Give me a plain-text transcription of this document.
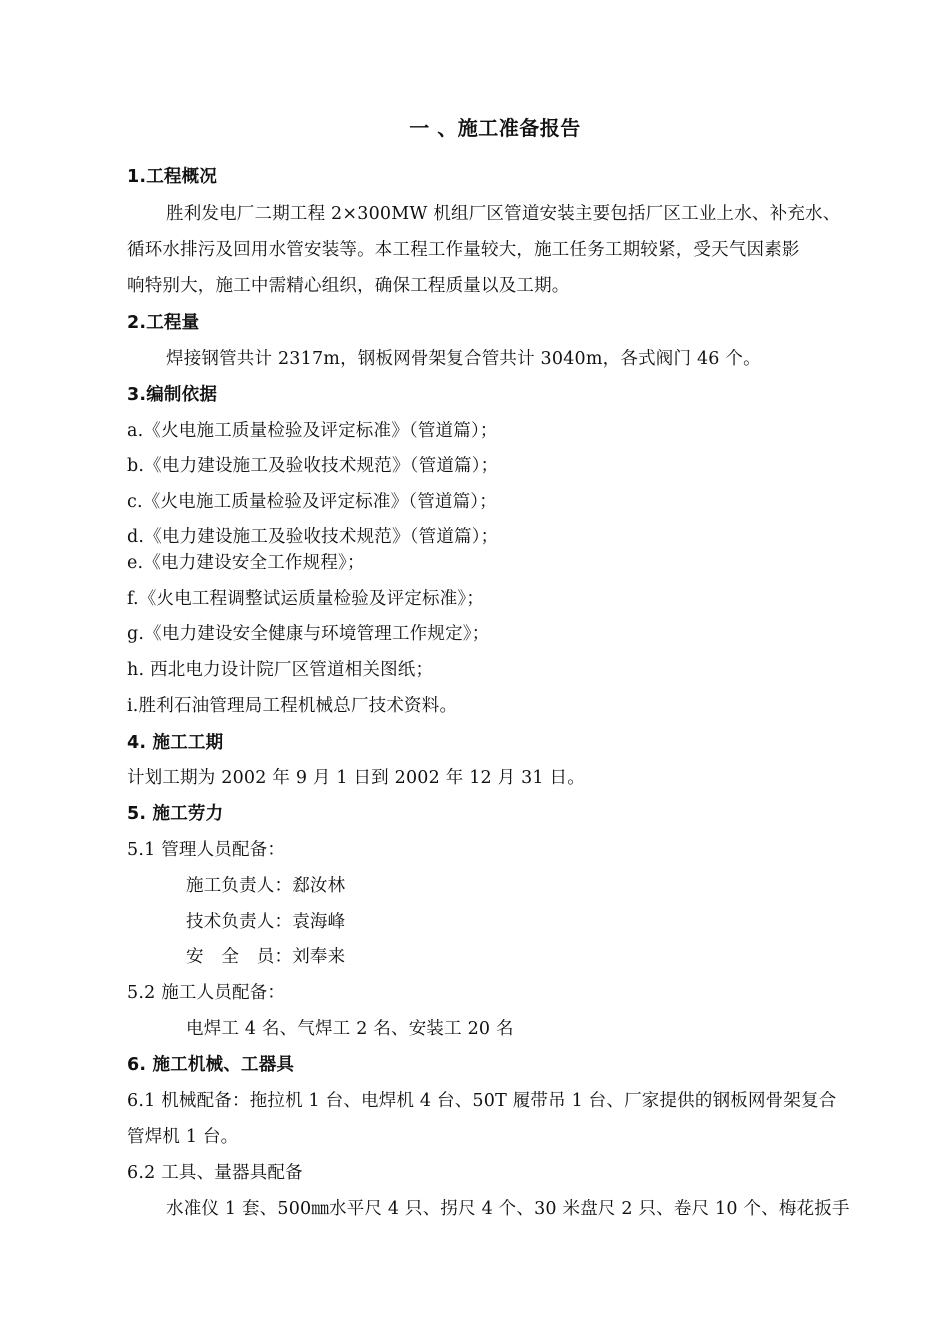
一 、施工准备报告
1.工程概况
胜利发电厂二期工程 2×300MW 机组厂区管道安装主要包括厂区工业上水、补充水、
循环水排污及回用水管安装等。本工程工作量较大，施工任务工期较紧，受天气因素影
响特别大，施工中需精心组织，确保工程质量以及工期。
2.工程量
焊接钢管共计 2317m，钢板网骨架复合管共计 3040m，各式阀门 46 个。
3.编制依据
a.《火电施工质量检验及评定标准》（管道篇）；
b.《电力建设施工及验收技术规范》（管道篇）；
c.《火电施工质量检验及评定标准》（管道篇）；
d.《电力建设施工及验收技术规范》（管道篇）；
e.《电力建设安全工作规程》；
f.《火电工程调整试运质量检验及评定标准》；
g.《电力建设安全健康与环境管理工作规定》；
h. 西北电力设计院厂区管道相关图纸；
i.胜利石油管理局工程机械总厂技术资料。
4. 施工工期
计划工期为 2002 年 9 月 1 日到 2002 年 12 月 31 日。
5. 施工劳力
5.1 管理人员配备：
施工负责人：郄汝林
技术负责人：袁海峰
安　全　员：刘奉来
5.2 施工人员配备：
电焊工 4 名、气焊工 2 名、安装工 20 名
6. 施工机械、工器具
6.1 机械配备：拖拉机 1 台、电焊机 4 台、50T 履带吊 1 台、厂家提供的钢板网骨架复合
管焊机 1 台。
6.2 工具、量器具配备
水准仪 1 套、500㎜水平尺 4 只、拐尺 4 个、30 米盘尺 2 只、卷尺 10 个、梅花扳手
